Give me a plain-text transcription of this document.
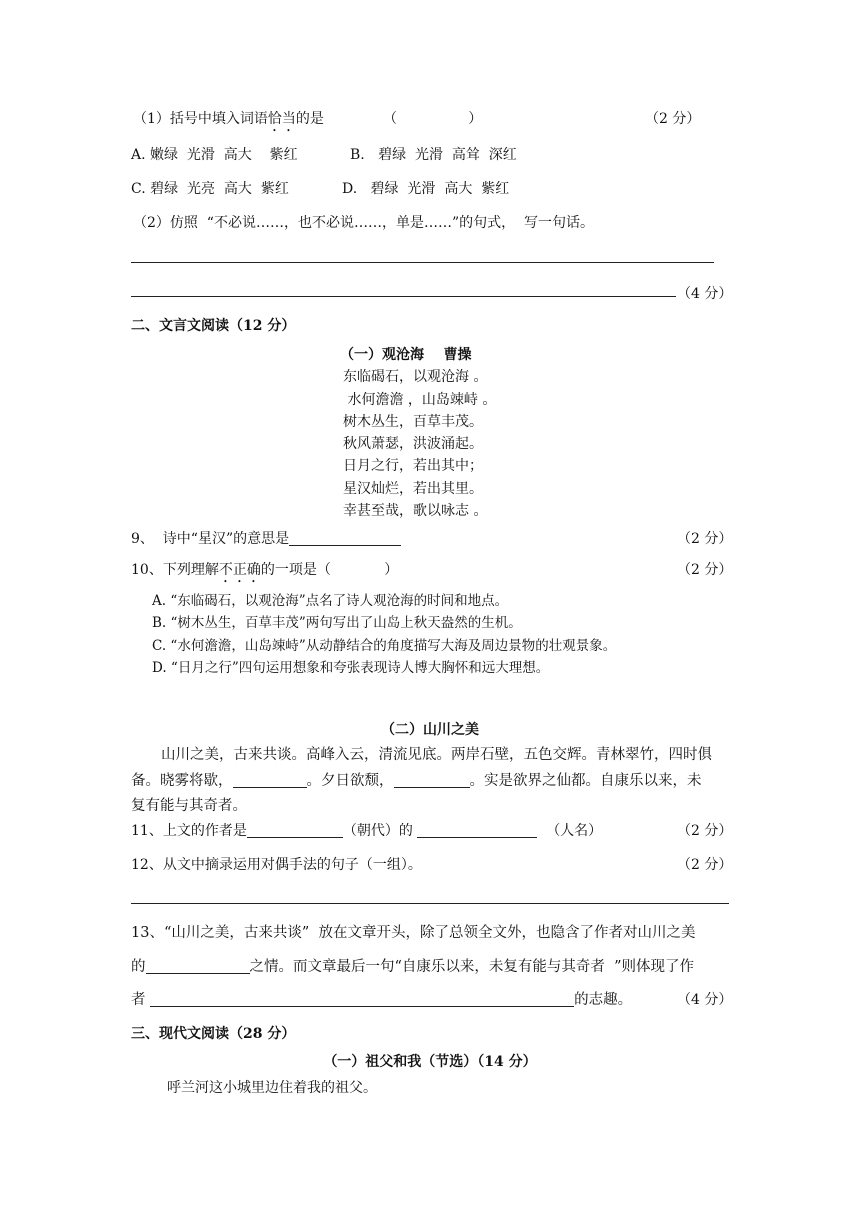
（1）括号中填入词语恰当的是	（                ）	（2 分）
A. 嫩绿  光滑  高大    紫红	B.   碧绿  光滑  高耸  深红
C. 碧绿  光亮  高大  紫红	D.   碧绿  光滑  高大  紫红
（2）仿照  “不必说……，也不必说……，单是……”的句式，  写一句话。
（4 分）
二、文言文阅读（12 分）
（一）观沧海    曹操
东临碣石，以观沧海 。
水何澹澹 ，山岛竦峙 。
树木丛生，百草丰茂。
秋风萧瑟，洪波涌起。
日月之行，若出其中；
星汉灿烂，若出其里。
幸甚至哉，歌以咏志 。
9、  诗中“星汉”的意思是	（2 分）
10、下列理解不正确的一项是（            ）	（2 分）
A. “东临碣石，以观沧海”点名了诗人观沧海的时间和地点。
B. “树木丛生，百草丰茂”两句写出了山岛上秋天盎然的生机。
C. “水何澹澹，山岛竦峙”从动静结合的角度描写大海及周边景物的壮观景象。
D. “日月之行”四句运用想象和夸张表现诗人博大胸怀和远大理想。
（二）山川之美
山川之美，古来共谈。高峰入云，清流见底。两岸石壁，五色交辉。青林翠竹，四时俱
备。晓雾将歇，	。夕日欲颓，	。实是欲界之仙都。自康乐以来，未
复有能与其奇者。
11、上文的作者是	（朝代）的	（人名）	（2 分）
12、从文中摘录运用对偶手法的句子（一组）。	（2 分）
13、“山川之美，古来共谈”  放在文章开头，除了总领全文外，也隐含了作者对山川之美
的	之情。而文章最后一句“自康乐以来，未复有能与其奇者  ”则体现了作
者	的志趣。	（4 分）
三、现代文阅读（28 分）
（一）祖父和我（节选）（14 分）
呼兰河这小城里边住着我的祖父。
